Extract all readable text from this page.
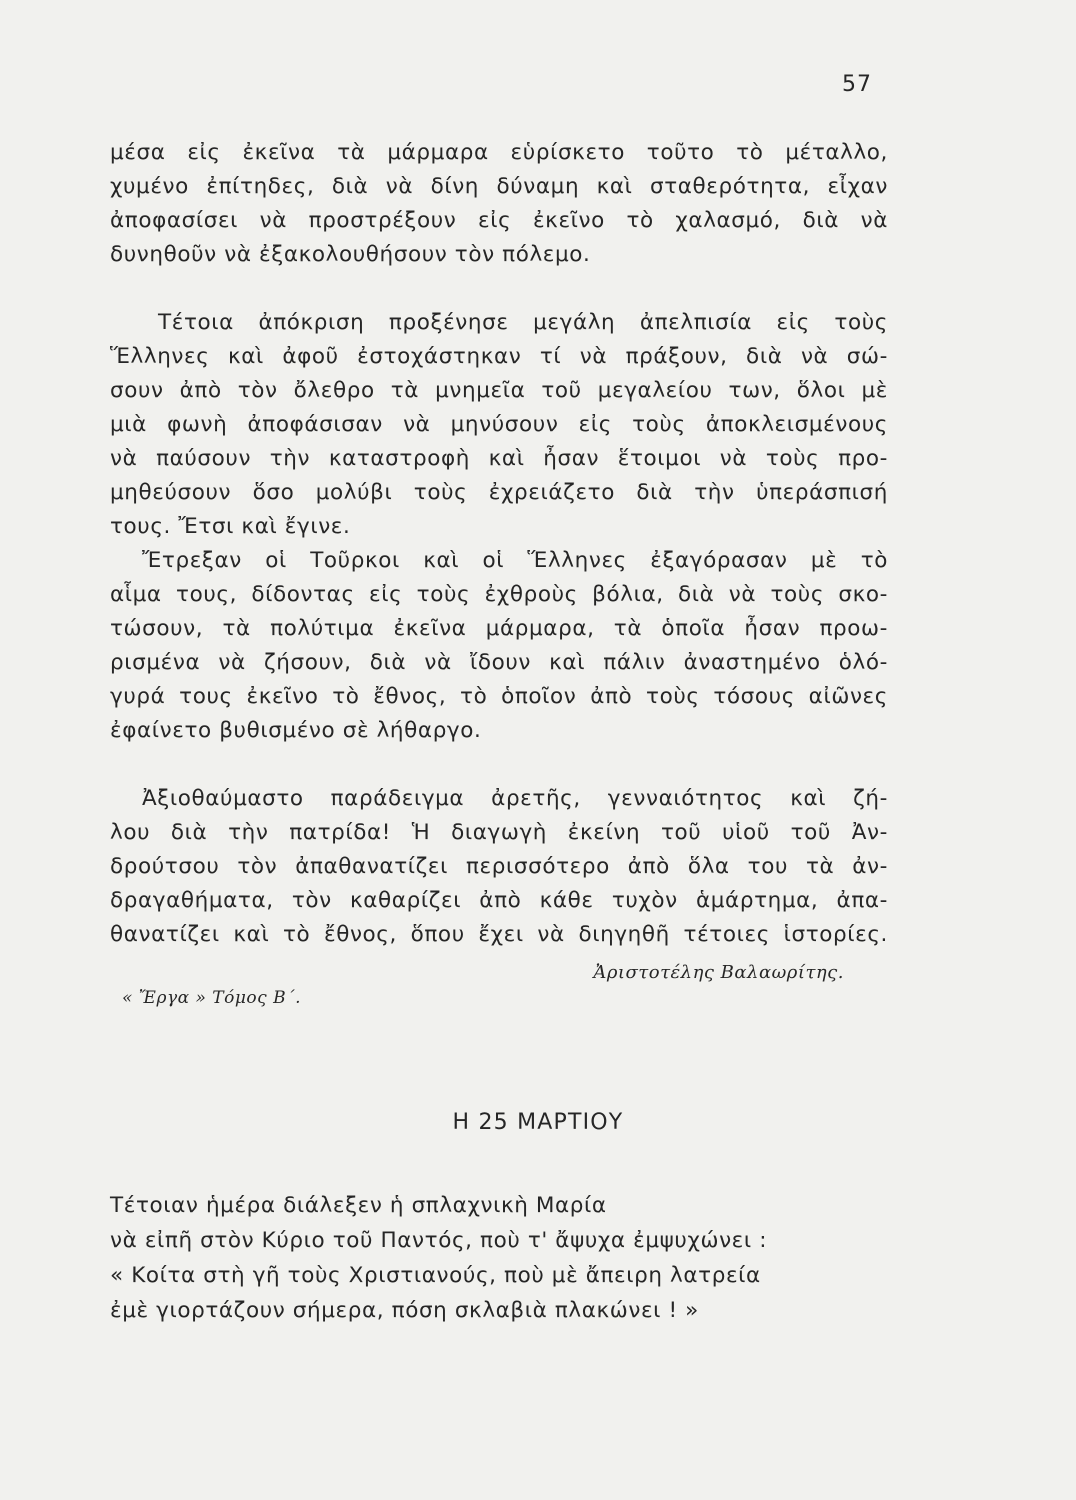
57

μέσα εἰς ἐκεῖνα τὰ μάρμαρα εὑρίσκετο τοῦτο τὸ μέταλλο,
χυμένο ἐπίτηδες, διὰ νὰ δίνη δύναμη καὶ σταθερότητα, εἶχαν
ἀποφασίσει νὰ προστρέξουν εἰς ἐκεῖνο τὸ χαλασμό, διὰ νὰ
δυνηθοῦν νὰ ἐξακολουθήσουν τὸν πόλεμο.

Τέτοια ἀπόκριση προξένησε μεγάλη ἀπελπισία εἰς τοὺς
Ἕλληνες καὶ ἀφοῦ ἐστοχάστηκαν τί νὰ πράξουν, διὰ νὰ σώ-
σουν ἀπὸ τὸν ὄλεθρο τὰ μνημεῖα τοῦ μεγαλείου των, ὅλοι μὲ
μιὰ φωνὴ ἀποφάσισαν νὰ μηνύσουν εἰς τοὺς ἀποκλεισμένους
νὰ παύσουν τὴν καταστροφὴ καὶ ἦσαν ἕτοιμοι νὰ τοὺς προ-
μηθεύσουν ὅσο μολύβι τοὺς ἐχρειάζετο διὰ τὴν ὑπεράσπισή
τους. Ἔτσι καὶ ἔγινε.

Ἔτρεξαν οἱ Τοῦρκοι καὶ οἱ Ἕλληνες ἐξαγόρασαν μὲ τὸ
αἷμα τους, δίδοντας εἰς τοὺς ἐχθροὺς βόλια, διὰ νὰ τοὺς σκο-
τώσουν, τὰ πολύτιμα ἐκεῖνα μάρμαρα, τὰ ὁποῖα ἦσαν προω-
ρισμένα νὰ ζήσουν, διὰ νὰ ἴδουν καὶ πάλιν ἀναστημένο ὁλό-
γυρά τους ἐκεῖνο τὸ ἔθνος, τὸ ὁποῖον ἀπὸ τοὺς τόσους αἰῶνες
ἐφαίνετο βυθισμένο σὲ λήθαργο.

Ἀξιοθαύμαστο παράδειγμα ἀρετῆς, γενναιότητος καὶ ζή-
λου διὰ τὴν πατρίδα! Ἡ διαγωγὴ ἐκείνη τοῦ υἱοῦ τοῦ Ἀν-
δρούτσου τὸν ἀπαθανατίζει περισσότερο ἀπὸ ὅλα του τὰ ἀν-
δραγαθήματα, τὸν καθαρίζει ἀπὸ κάθε τυχὸν ἁμάρτημα, ἀπα-
θανατίζει καὶ τὸ ἔθνος, ὅπου ἔχει νὰ διηγηθῆ τέτοιες ἱστορίες.

Ἀριστοτέλης Βαλαωρίτης.
« Ἔργα » Τόμος Β΄.
Η 25 ΜΑΡΤΙΟΥ
Τέτοιαν ἡμέρα διάλεξεν ἡ σπλαχνικὴ Μαρία
νὰ εἰπῆ στὸν Κύριο τοῦ Παντός, ποὺ τ' ἄψυχα ἐμψυχώνει :
« Κοίτα στὴ γῆ τοὺς Χριστιανούς, ποὺ μὲ ἄπειρη λατρεία
ἐμὲ γιορτάζουν σήμερα, πόση σκλαβιὰ πλακώνει ! »
